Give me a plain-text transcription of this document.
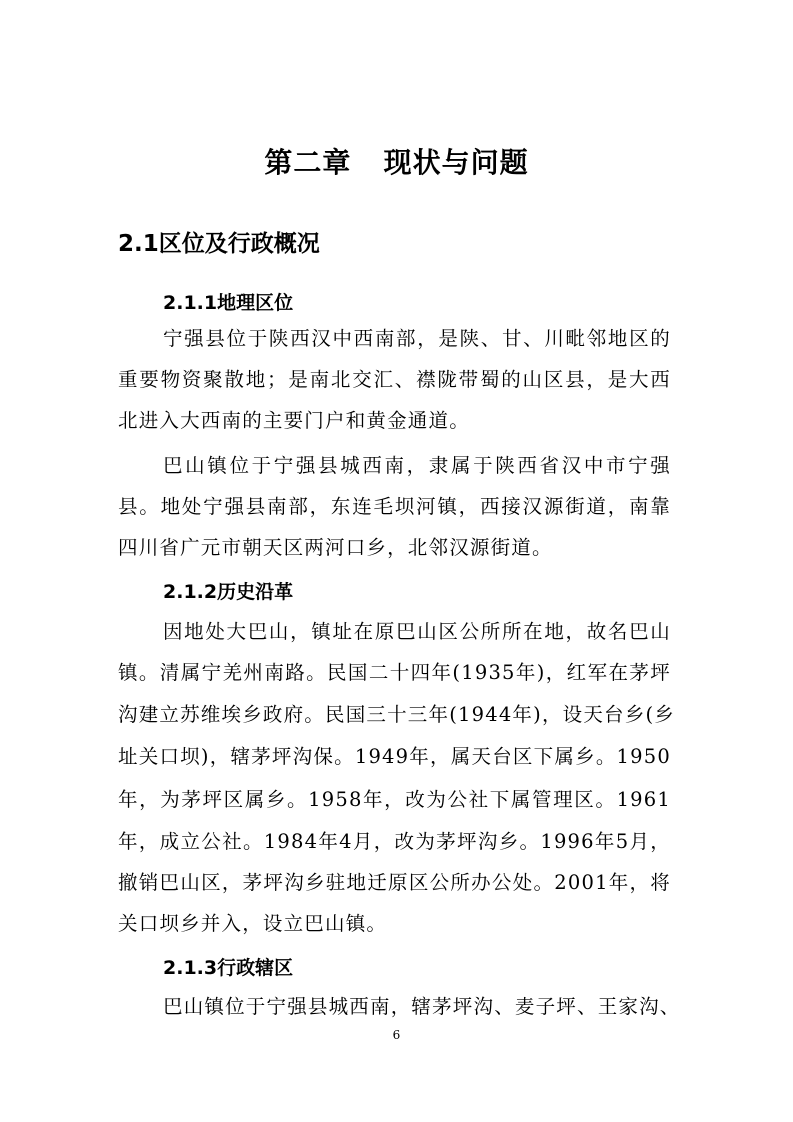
第二章   现状与问题
2.1区位及行政概况
2.1.1地理区位
宁强县位于陕西汉中西南部，是陕、甘、川毗邻地区的
重要物资聚散地；是南北交汇、襟陇带蜀的山区县，是大西
北进入大西南的主要门户和黄金通道。
巴山镇位于宁强县城西南，隶属于陕西省汉中市宁强
县。地处宁强县南部，东连毛坝河镇，西接汉源街道，南靠
四川省广元市朝天区两河口乡，北邻汉源街道。
2.1.2历史沿革
因地处大巴山，镇址在原巴山区公所所在地，故名巴山
镇。清属宁羌州南路。民国二十四年(1935年)，红军在茅坪
沟建立苏维埃乡政府。民国三十三年(1944年)，设天台乡(乡
址关口坝)，辖茅坪沟保。1949年，属天台区下属乡。1950
年，为茅坪区属乡。1958年，改为公社下属管理区。1961
年，成立公社。1984年4月，改为茅坪沟乡。1996年5月，
撤销巴山区，茅坪沟乡驻地迁原区公所办公处。2001年，将
关口坝乡并入，设立巴山镇。
2.1.3行政辖区
巴山镇位于宁强县城西南，辖茅坪沟、麦子坪、王家沟、
6
